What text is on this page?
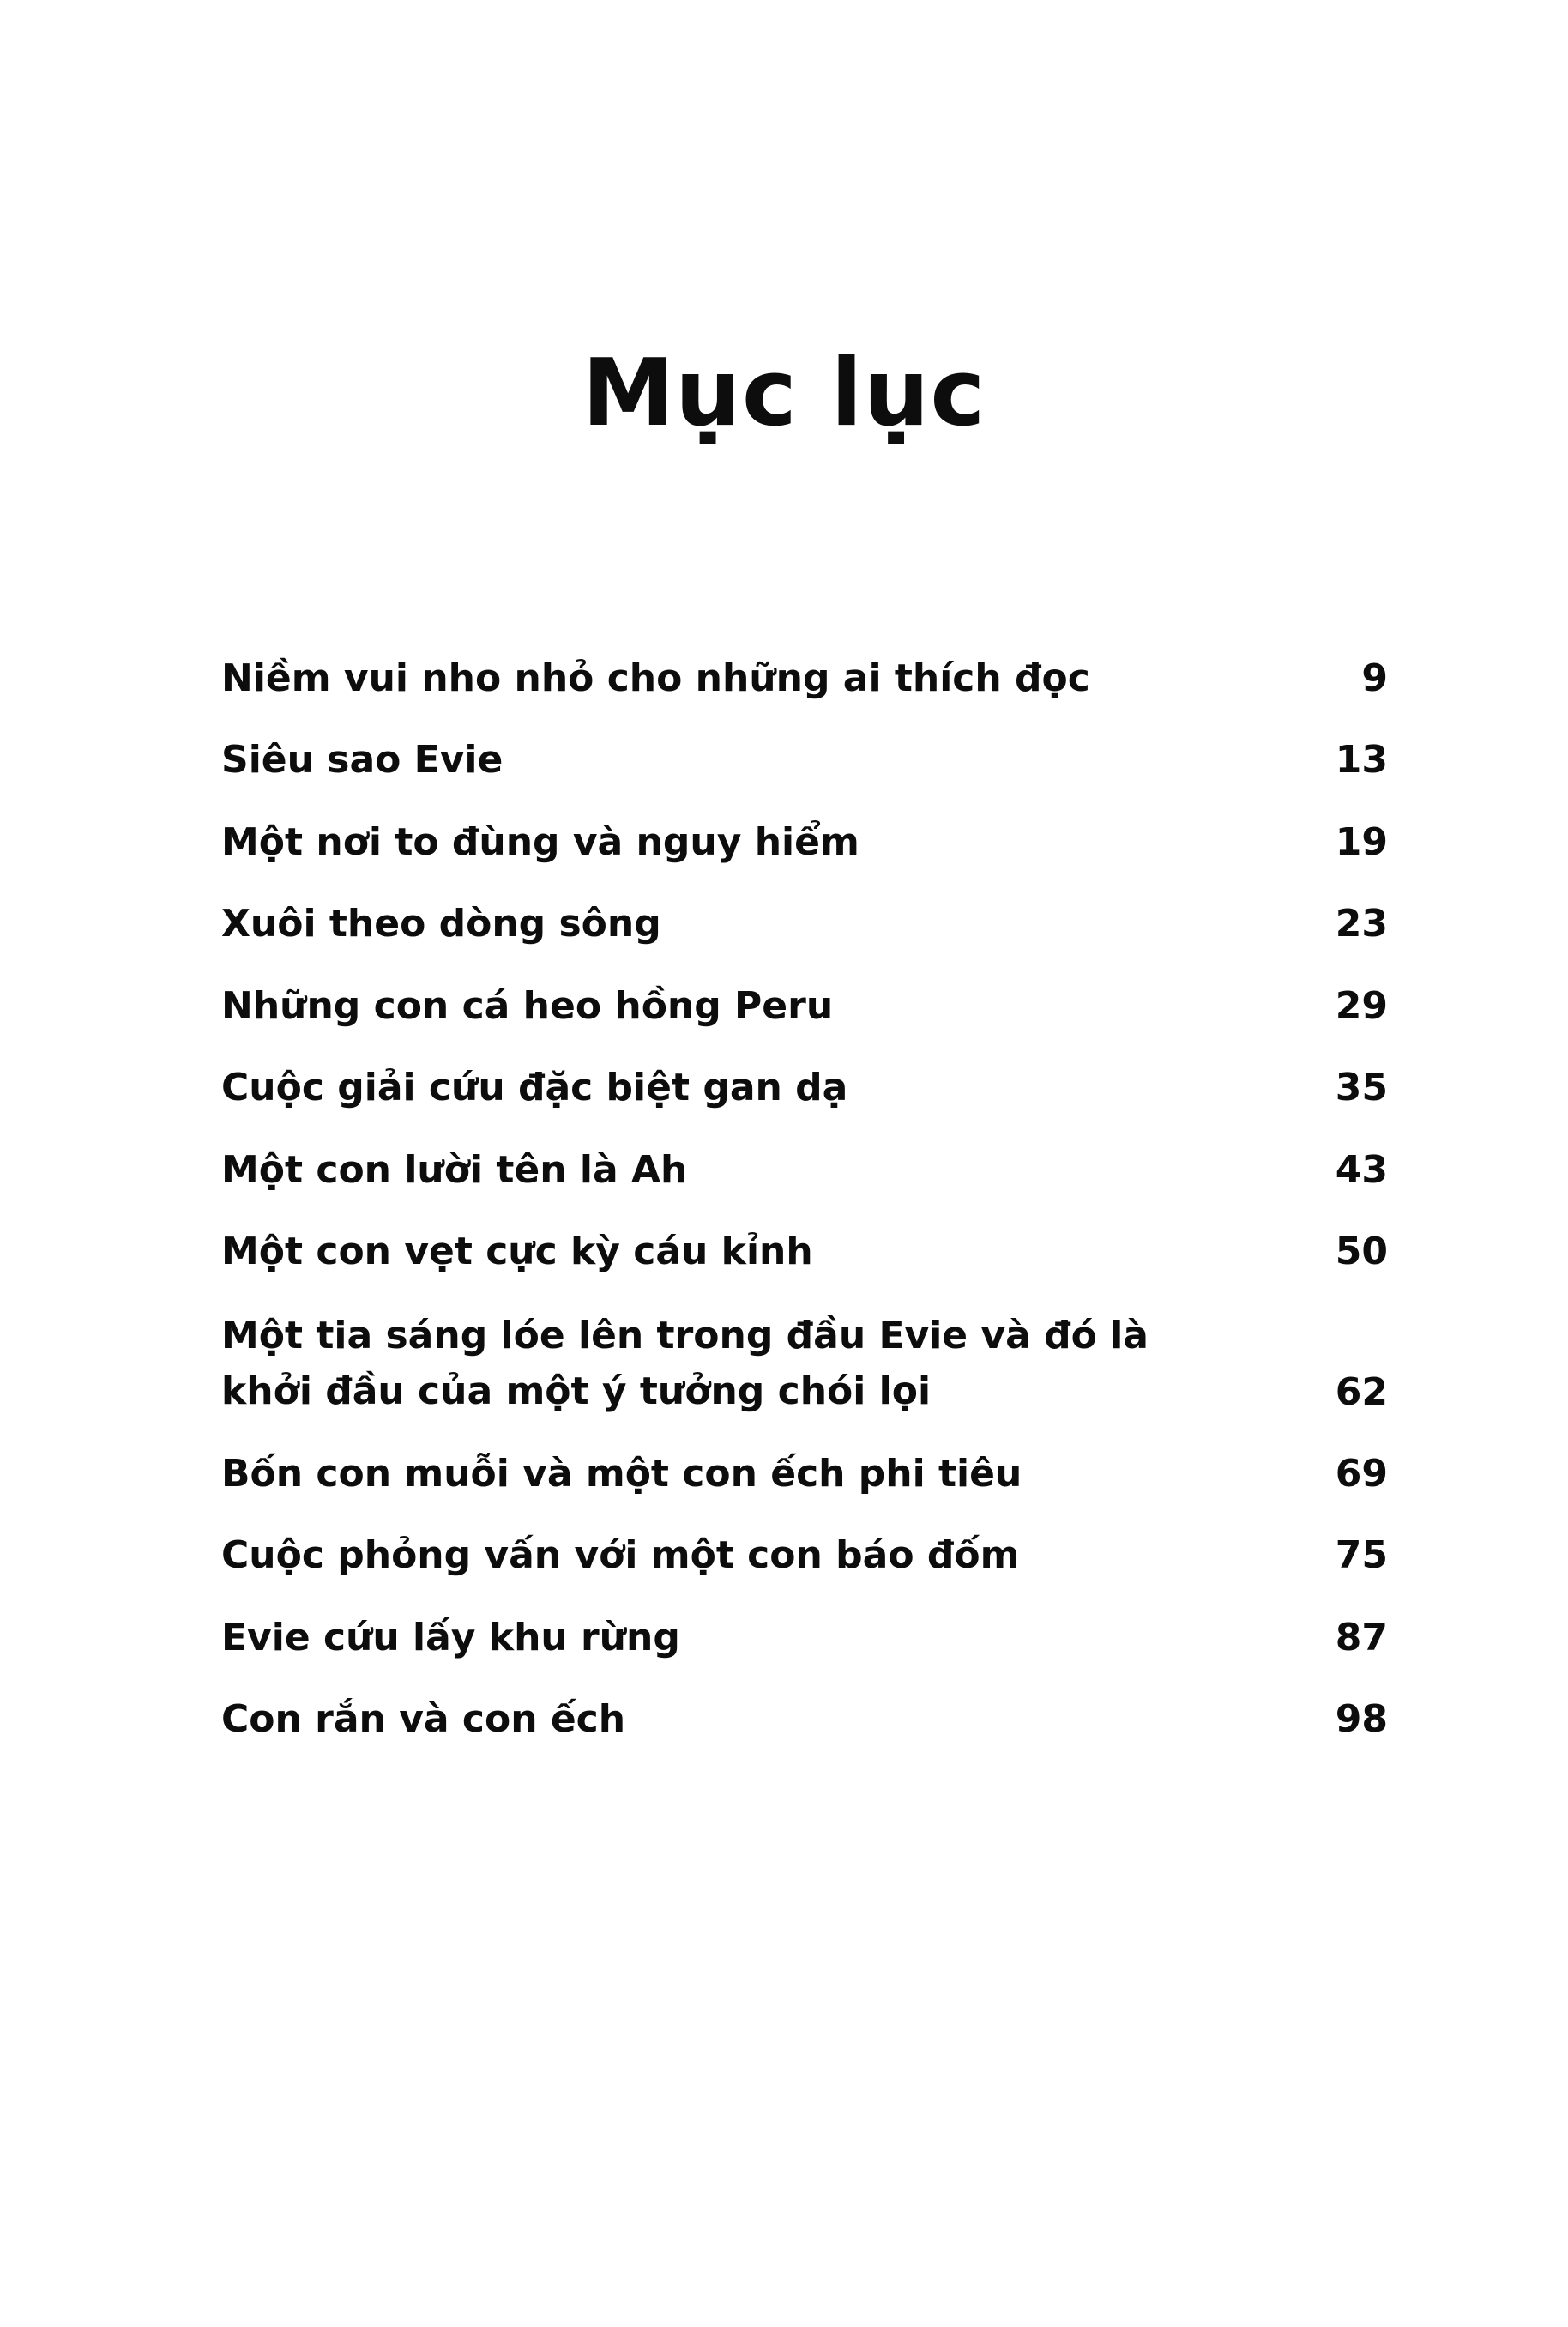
Mục lục
Niềm vui nho nhỏ cho những ai thích đọc	9
Siêu sao Evie	13
Một nơi to đùng và nguy hiểm	19
Xuôi theo dòng sông	23
Những con cá heo hồng Peru	29
Cuộc giải cứu đặc biệt gan dạ	35
Một con lười tên là Ah	43
Một con vẹt cực kỳ cáu kỉnh	50
Một tia sáng lóe lên trong đầu Evie và đó là khởi đầu của một ý tưởng chói lọi	62
Bốn con muỗi và một con ếch phi tiêu	69
Cuộc phỏng vấn với một con báo đốm	75
Evie cứu lấy khu rừng	87
Con rắn và con ếch	98
